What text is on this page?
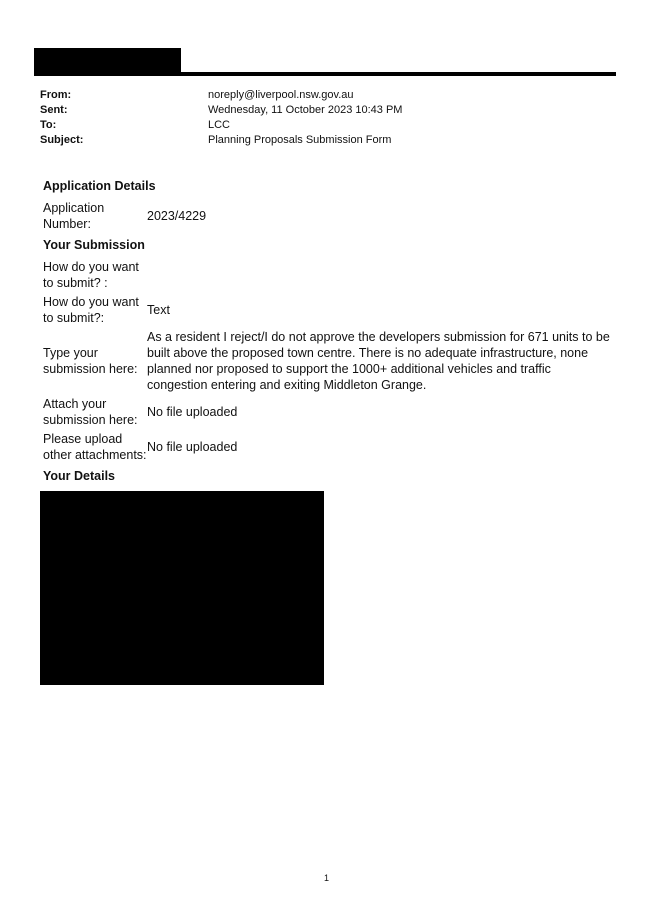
From:	noreply@liverpool.nsw.gov.au
Sent:	Wednesday, 11 October 2023 10:43 PM
To:	LCC
Subject:	Planning Proposals Submission Form
Application Details
Application Number:
2023/4229
Your Submission
How do you want to submit? :
How do you want to submit?:
Text
Type your submission here:
As a resident I reject/I do not approve the developers submission for 671 units to be built above the proposed town centre. There is no adequate infrastructure, none planned nor proposed to support the 1000+ additional vehicles and traffic congestion entering and exiting Middleton Grange.
Attach your submission here:
No file uploaded
Please upload other attachments:
No file uploaded
Your Details
1
